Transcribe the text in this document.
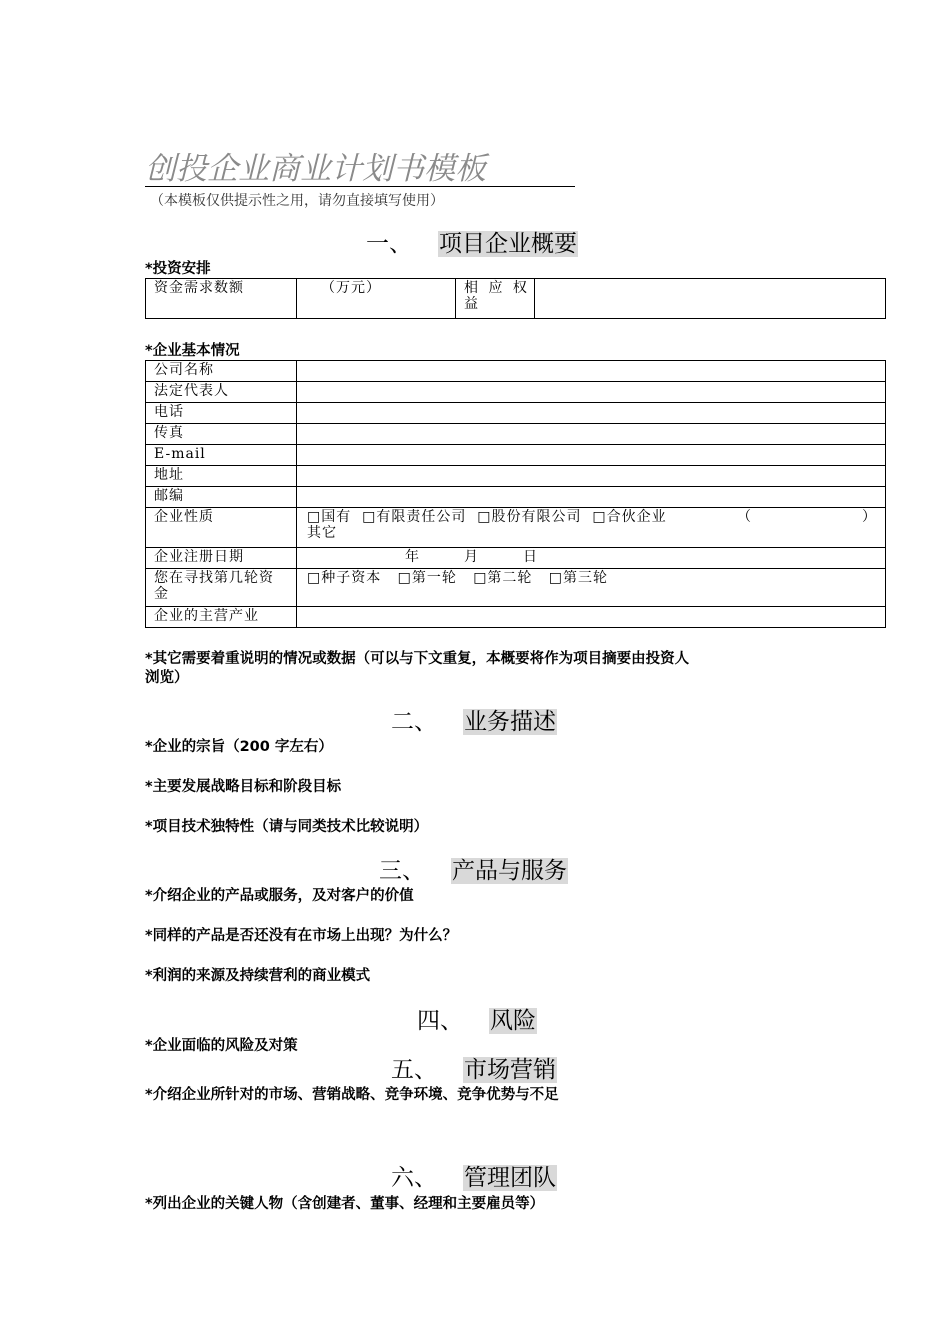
创投企业商业计划书模板
（本模板仅供提示性之用，请勿直接填写使用）
一、 项目企业概要
*投资安排
资金需求数额	（万元）	相 应 权
益

*企业基本情况
公司名称	
法定代表人	
电话	
传真	
E-mail	
地址	
邮编	
企业性质	□国有 □有限责任公司 □股份有限公司 □合伙企业 （ ）
其它

企业注册日期	年 月 日

您在寻找第几轮资
金	□种子资本 □第一轮 □第二轮 □第三轮
企业的主营产业	
*其它需要着重说明的情况或数据（可以与下文重复，本概要将作为项目摘要由投资人
浏览）
二、 业务描述
*企业的宗旨（200 字左右）
*主要发展战略目标和阶段目标
*项目技术独特性（请与同类技术比较说明）
三、 产品与服务
*介绍企业的产品或服务，及对客户的价值
*同样的产品是否还没有在市场上出现？为什么？
*利润的来源及持续营利的商业模式
四、 风险
*企业面临的风险及对策
五、 市场营销
*介绍企业所针对的市场、营销战略、竞争环境、竞争优势与不足
六、 管理团队
*列出企业的关键人物（含创建者、董事、经理和主要雇员等）
